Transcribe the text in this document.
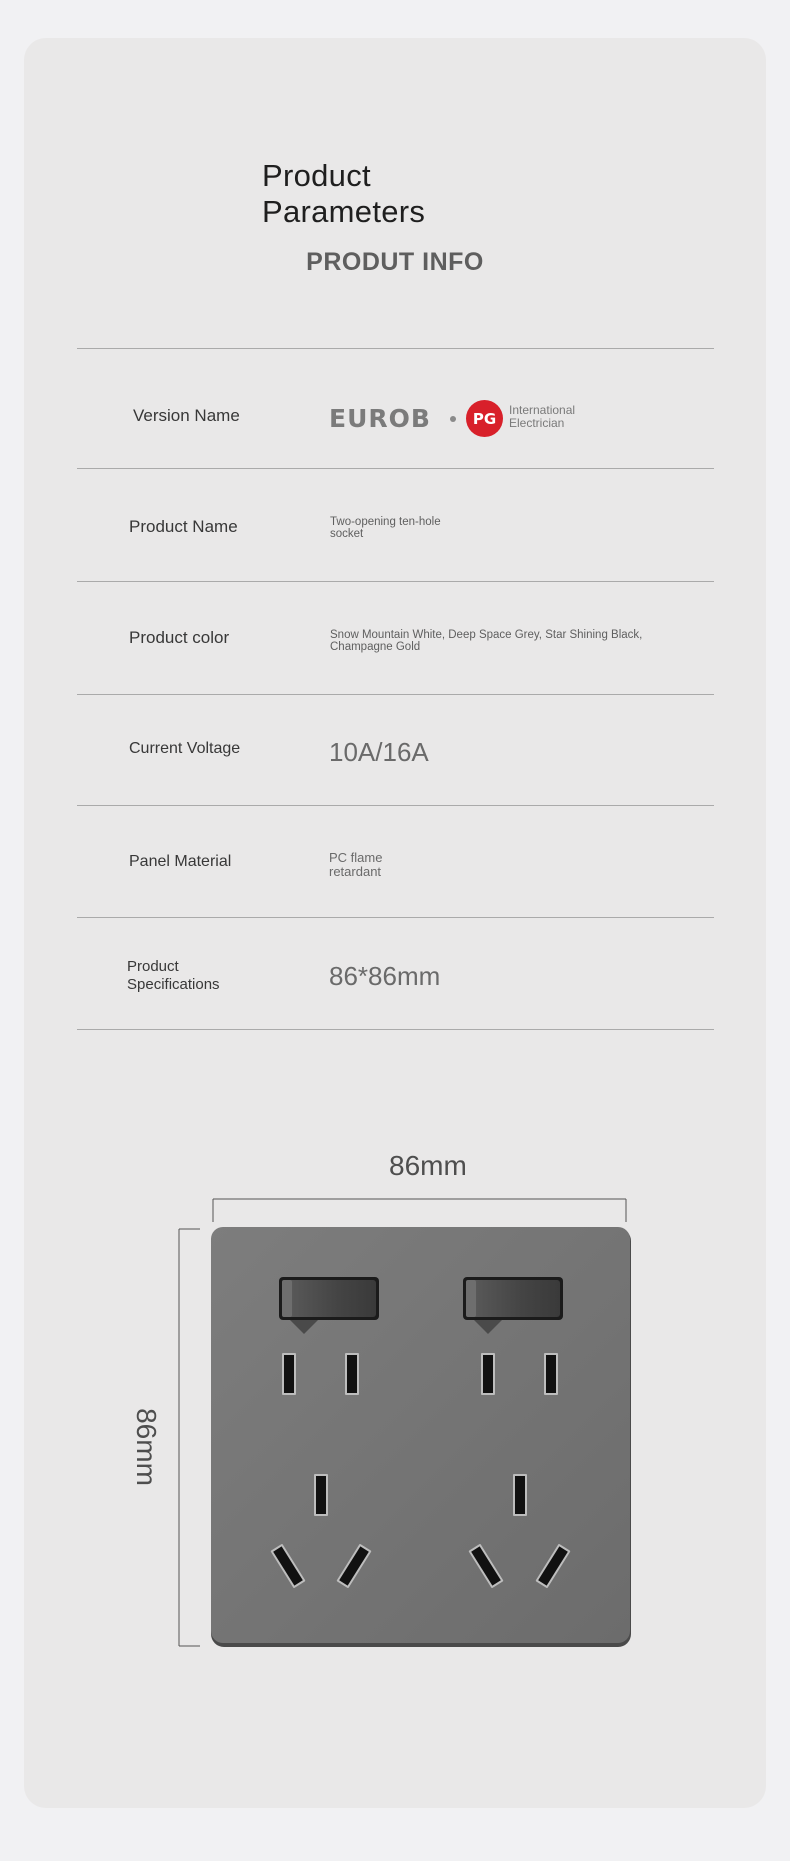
Product
Parameters
PRODUT INFO
Version Name	EUROB	PG International
Electrician
Product Name	Two-opening ten-hole
socket
Product color	Snow Mountain White, Deep Space Grey, Star Shining Black,
Champagne Gold
Current Voltage	10A/16A
Panel Material	PC flame
retardant
Product
Specifications	86*86mm
86mm
86mm
